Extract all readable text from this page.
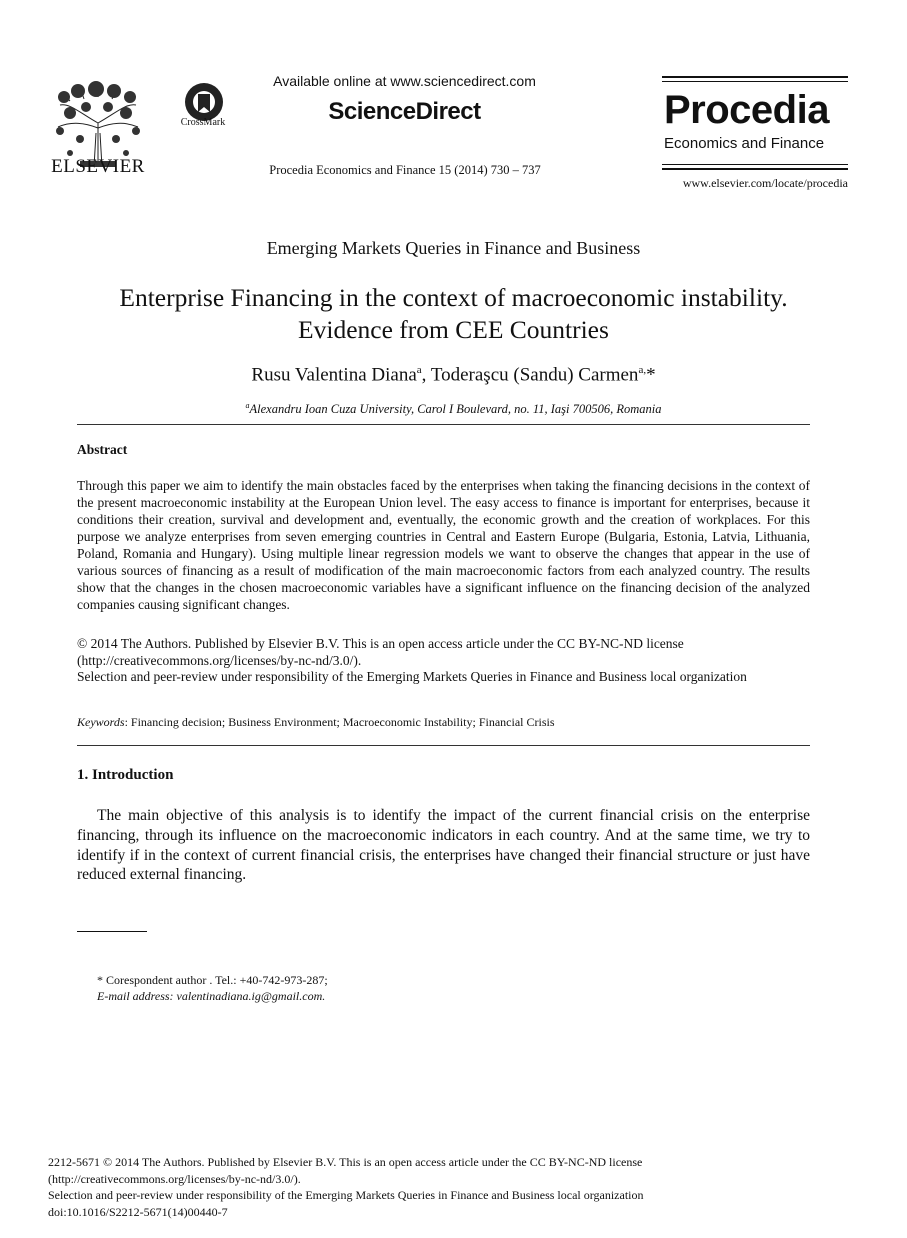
ELSEVIER
CrossMark
Available online at www.sciencedirect.com
ScienceDirect
Procedia Economics and Finance 15 (2014) 730 – 737
Procedia
Economics and Finance
www.elsevier.com/locate/procedia
Emerging Markets Queries in Finance and Business
Enterprise Financing in the context of macroeconomic instability.
Evidence from CEE Countries
Rusu Valentina Diana$^a$, Toderaşcu (Sandu) Carmen$^{a,}$*
$^a$Alexandru Ioan Cuza University, Carol I Boulevard, no. 11, Iaşi 700506, Romania
Abstract
Through this paper we aim to identify the main obstacles faced by the enterprises when taking the financing decisions in the context of the present macroeconomic instability at the European Union level. The easy access to finance is important for enterprises, because it conditions their creation, survival and development and, eventually, the economic growth and the creation of workplaces. For this purpose we analyze enterprises from seven emerging countries in Central and Eastern Europe (Bulgaria, Estonia, Latvia, Lithuania, Poland, Romania and Hungary). Using multiple linear regression models we want to observe the changes that appear in the use of various sources of financing as a result of modification of the main macroeconomic factors from each analyzed country. The results show that the changes in the chosen macroeconomic variables have a significant influence on the financing decision of the analyzed companies causing significant changes.
© 2014 The Authors. Published by Elsevier B.V. This is an open access article under the CC BY-NC-ND license
(http://creativecommons.org/licenses/by-nc-nd/3.0/).
Selection and peer-review under responsibility of the Emerging Markets Queries in Finance and Business local organization
Keywords: Financing decision; Business Environment; Macroeconomic Instability; Financial Crisis
1. Introduction
The main objective of this analysis is to identify the impact of the current financial crisis on the enterprise financing, through its influence on the macroeconomic indicators in each country. And at the same time, we try to identify if in the context of current financial crisis, the enterprises have changed their financial structure or just have reduced external financing.
* Corespondent author . Tel.: +40-742-973-287;
E-mail address: valentinadiana.ig@gmail.com.
2212-5671 © 2014 The Authors. Published by Elsevier B.V. This is an open access article under the CC BY-NC-ND license
(http://creativecommons.org/licenses/by-nc-nd/3.0/).
Selection and peer-review under responsibility of the Emerging Markets Queries in Finance and Business local organization
doi:10.1016/S2212-5671(14)00440-7
